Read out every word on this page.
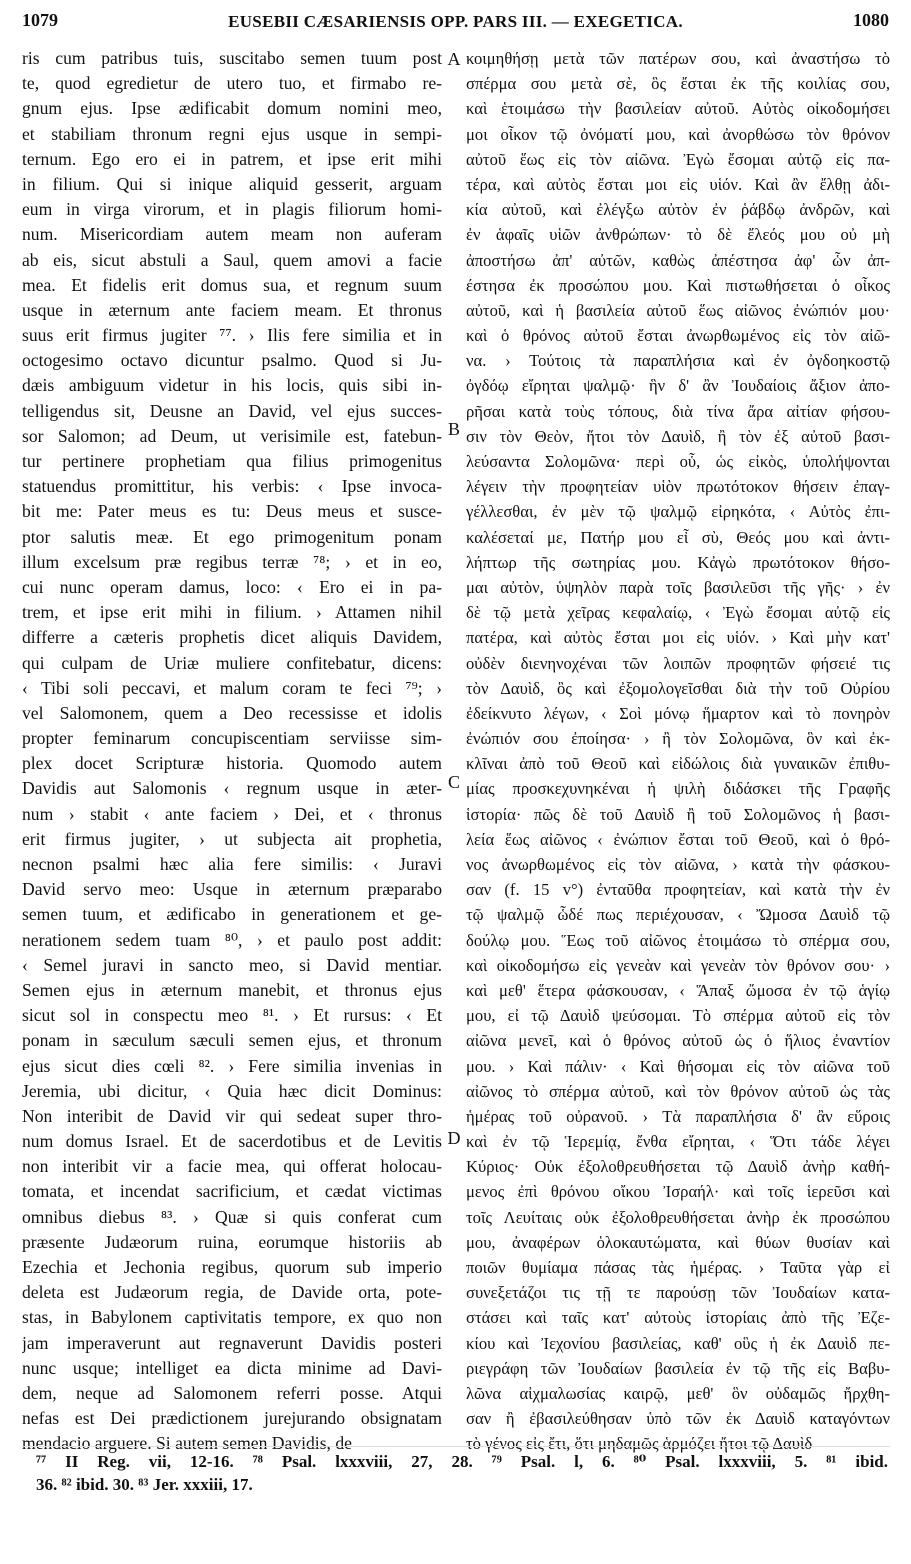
1079	EUSEBII CÆSARIENSIS OPP. PARS III. — EXEGETICA.	1080
ris cum patribus tuis, suscitabo semen tuum post
te, quod egredietur de utero tuo, et firmabo re-
gnum ejus. Ipse ædificabit domum nomini meo,
et stabiliam thronum regni ejus usque in sempi-
ternum. Ego ero ei in patrem, et ipse erit mihi
in filium. Qui si inique aliquid gesserit, arguam
eum in virga virorum, et in plagis filiorum homi-
num. Misericordiam autem meam non auferam
ab eis, sicut abstuli a Saul, quem amovi a facie
mea. Et fidelis erit domus sua, et regnum suum
usque in æternum ante faciem meam. Et thronus
suus erit firmus jugiter ⁷⁷. › Ilis fere similia et in
octogesimo octavo dicuntur psalmo. Quod si Ju-
dæis ambiguum videtur in his locis, quis sibi in-
telligendus sit, Deusne an David, vel ejus succes-
sor Salomon; ad Deum, ut verisimile est, fatebun-
tur pertinere prophetiam qua filius primogenitus
statuendus promittitur, his verbis: ‹ Ipse invoca-
bit me: Pater meus es tu: Deus meus et susce-
ptor salutis meæ. Et ego primogenitum ponam
illum excelsum præ regibus terræ ⁷⁸; › et in eo,
cui nunc operam damus, loco: ‹ Ero ei in pa-
trem, et ipse erit mihi in filium. › Attamen nihil
differre a cæteris prophetis dicet aliquis Davidem,
qui culpam de Uriæ muliere confitebatur, dicens:
‹ Tibi soli peccavi, et malum coram te feci ⁷⁹; ›
vel Salomonem, quem a Deo recessisse et idolis
propter feminarum concupiscentiam serviisse sim-
plex docet Scripturæ historia. Quomodo autem
Davidis aut Salomonis ‹ regnum usque in æter-
num › stabit ‹ ante faciem › Dei, et ‹ thronus
erit firmus jugiter, › ut subjecta ait prophetia,
necnon psalmi hæc alia fere similis: ‹ Juravi
David servo meo: Usque in æternum præparabo
semen tuum, et ædificabo in generationem et ge-
nerationem sedem tuam ⁸⁰, › et paulo post addit:
‹ Semel juravi in sancto meo, si David mentiar.
Semen ejus in æternum manebit, et thronus ejus
sicut sol in conspectu meo ⁸¹. › Et rursus: ‹ Et
ponam in sæculum sæculi semen ejus, et thronum
ejus sicut dies cœli ⁸². › Fere similia invenias in
Jeremia, ubi dicitur, ‹ Quia hæc dicit Dominus:
Non interibit de David vir qui sedeat super thro-
num domus Israel. Et de sacerdotibus et de Levitis
non interibit vir a facie mea, qui offerat holocau-
tomata, et incendat sacrificium, et cædat victimas
omnibus diebus ⁸³. › Quæ si quis conferat cum
præsente Judæorum ruina, eorumque historiis ab
Ezechia et Jechonia regibus, quorum sub imperio
deleta est Judæorum regia, de Davide orta, pote-
stas, in Babylonem captivitatis tempore, ex quo non
jam imperaverunt aut regnaverunt Davidis posteri
nunc usque; intelliget ea dicta minime ad Davi-
dem, neque ad Salomonem referri posse. Atqui
nefas est Dei prædictionem jurejurando obsignatam
mendacio arguere. Si autem semen Davidis, de
κοιμηθήσῃ μετὰ τῶν πατέρων σου, καὶ ἀναστήσω τὸ
σπέρμα σου μετὰ σὲ, ὃς ἔσται ἐκ τῆς κοιλίας σου,
καὶ ἑτοιμάσω τὴν βασιλείαν αὐτοῦ. Αὐτὸς οἰκοδομήσει
μοι οἶκον τῷ ὀνόματί μου, καὶ ἀνορθώσω τὸν θρόνον
αὐτοῦ ἕως εἰς τὸν αἰῶνα. Ἐγὼ ἔσομαι αὐτῷ εἰς πα-
τέρα, καὶ αὐτὸς ἔσται μοι εἰς υἱόν. Καὶ ἂν ἔλθῃ ἀδι-
κία αὐτοῦ, καὶ ἐλέγξω αὐτὸν ἐν ῥάβδῳ ἀνδρῶν, καὶ
ἐν ἁφαῖς υἱῶν ἀνθρώπων· τὸ δὲ ἔλεός μου οὐ μὴ
ἀποστήσω ἀπ' αὐτῶν, καθὼς ἀπέστησα ἀφ' ὧν ἀπ-
έστησα ἐκ προσώπου μου. Καὶ πιστωθήσεται ὁ οἶκος
αὐτοῦ, καὶ ἡ βασιλεία αὐτοῦ ἕως αἰῶνος ἐνώπιόν μου·
καὶ ὁ θρόνος αὐτοῦ ἔσται ἀνωρθωμένος εἰς τὸν αἰῶ-
να. › Τούτοις τὰ παραπλήσια καὶ ἐν ὀγδοηκοστῷ
ὀγδόῳ εἴρηται ψαλμῷ· ἣν δ' ἂν Ἰουδαίοις ἄξιον ἀπο-
ρῆσαι κατὰ τοὺς τόπους, διὰ τίνα ἄρα αἰτίαν φήσου-
σιν τὸν Θεὸν, ἤτοι τὸν Δαυὶδ, ἢ τὸν ἐξ αὐτοῦ βασι-
λεύσαντα Σολομῶνα· περὶ οὗ, ὡς εἰκὸς, ὑπολήψονται
λέγειν τὴν προφητείαν υἱὸν πρωτότοκον θήσειν ἐπαγ-
γέλλεσθαι, ἐν μὲν τῷ ψαλμῷ εἰρηκότα, ‹ Αὐτὸς ἐπι-
καλέσεταί με, Πατήρ μου εἶ σὺ, Θεός μου καὶ ἀντι-
λήπτωρ τῆς σωτηρίας μου. Κἀγὼ πρωτότοκον θήσο-
μαι αὐτὸν, ὑψηλὸν παρὰ τοῖς βασιλεῦσι τῆς γῆς· › ἐν
δὲ τῷ μετὰ χεῖρας κεφαλαίῳ, ‹ Ἐγὼ ἔσομαι αὐτῷ εἰς
πατέρα, καὶ αὐτὸς ἔσται μοι εἰς υἱόν. › Καὶ μὴν κατ'
οὐδὲν διενηνοχέναι τῶν λοιπῶν προφητῶν φήσειέ τις
τὸν Δαυὶδ, ὃς καὶ ἐξομολογεῖσθαι διὰ τὴν τοῦ Οὐρίου
ἐδείκνυτο λέγων, ‹ Σοὶ μόνῳ ἥμαρτον καὶ τὸ πονηρὸν
ἐνώπιόν σου ἐποίησα· › ἢ τὸν Σολομῶνα, ὃν καὶ ἐκ-
κλῖναι ἀπὸ τοῦ Θεοῦ καὶ εἰδώλοις διὰ γυναικῶν ἐπιθυ-
μίας προσκεχυνηκέναι ἡ ψιλὴ διδάσκει τῆς Γραφῆς
ἱστορία· πῶς δὲ τοῦ Δαυὶδ ἢ τοῦ Σολομῶνος ἡ βασι-
λεία ἕως αἰῶνος ‹ ἐνώπιον ἔσται τοῦ Θεοῦ, καὶ ὁ θρό-
νος ἀνωρθωμένος εἰς τὸν αἰῶνα, › κατὰ τὴν φάσκου-
σαν (f. 15 v°) ἐνταῦθα προφητείαν, καὶ κατὰ τὴν ἐν
τῷ ψαλμῷ ὧδέ πως περιέχουσαν, ‹ Ὤμοσα Δαυὶδ τῷ
δούλῳ μου. Ἕως τοῦ αἰῶνος ἑτοιμάσω τὸ σπέρμα σου,
καὶ οἰκοδομήσω εἰς γενεὰν καὶ γενεὰν τὸν θρόνον σου· ›
καὶ μεθ' ἕτερα φάσκουσαν, ‹ Ἅπαξ ὤμοσα ἐν τῷ ἁγίῳ
μου, εἰ τῷ Δαυὶδ ψεύσομαι. Τὸ σπέρμα αὐτοῦ εἰς τὸν
αἰῶνα μενεῖ, καὶ ὁ θρόνος αὐτοῦ ὡς ὁ ἥλιος ἐναντίον
μου. › Καὶ πάλιν· ‹ Καὶ θήσομαι εἰς τὸν αἰῶνα τοῦ
αἰῶνος τὸ σπέρμα αὐτοῦ, καὶ τὸν θρόνον αὐτοῦ ὡς τὰς
ἡμέρας τοῦ οὐρανοῦ. › Τὰ παραπλήσια δ' ἂν εὕροις
καὶ ἐν τῷ Ἱερεμίᾳ, ἔνθα εἴρηται, ‹ Ὅτι τάδε λέγει
Κύριος· Οὐκ ἐξολοθρευθήσεται τῷ Δαυὶδ ἀνὴρ καθή-
μενος ἐπὶ θρόνου οἴκου Ἰσραήλ· καὶ τοῖς ἱερεῦσι καὶ
τοῖς Λευίταις οὐκ ἐξολοθρευθήσεται ἀνὴρ ἐκ προσώπου
μου, ἀναφέρων ὁλοκαυτώματα, καὶ θύων θυσίαν καὶ
ποιῶν θυμίαμα πάσας τὰς ἡμέρας. › Ταῦτα γὰρ εἰ
συνεξετάζοι τις τῇ τε παρούσῃ τῶν Ἰουδαίων κατα-
στάσει καὶ ταῖς κατ' αὐτοὺς ἱστορίαις ἀπὸ τῆς Ἐζε-
κίου καὶ Ἰεχονίου βασιλείας, καθ' οὓς ἡ ἐκ Δαυὶδ πε-
ριεγράφη τῶν Ἰουδαίων βασιλεία ἐν τῷ τῆς εἰς Βαβυ-
λῶνα αἰχμαλωσίας καιρῷ, μεθ' ὃν οὐδαμῶς ἤρχθη-
σαν ἢ ἐβασιλεύθησαν ὑπὸ τῶν ἐκ Δαυὶδ καταγόντων
τὸ γένος εἰς ἔτι, ὅτι μηδαμῶς ἁρμόζει ἤτοι τῷ Δαυὶδ
A
B
C
D
⁷⁷ II Reg. vii, 12-16. ⁷⁸ Psal. lxxxviii, 27, 28. ⁷⁹ Psal. l, 6. ⁸⁰ Psal. lxxxviii, 5. ⁸¹ ibid.
36. ⁸² ibid. 30. ⁸³ Jer. xxxiii, 17.
